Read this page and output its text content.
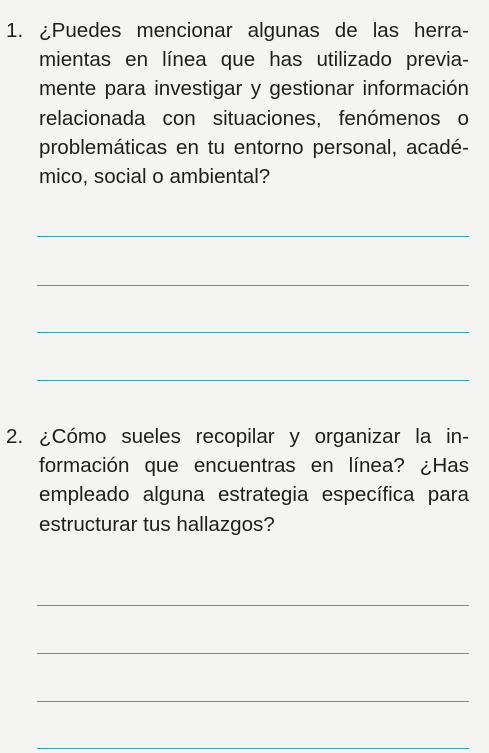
1. ¿Puedes mencionar algunas de las herra-
mientas en línea que has utilizado previa-
mente para investigar y gestionar información
relacionada con situaciones, fenómenos o
problemáticas en tu entorno personal, acadé-
mico, social o ambiental?

2. ¿Cómo sueles recopilar y organizar la in-
formación que encuentras en línea? ¿Has
empleado alguna estrategia específica para
estructurar tus hallazgos?
